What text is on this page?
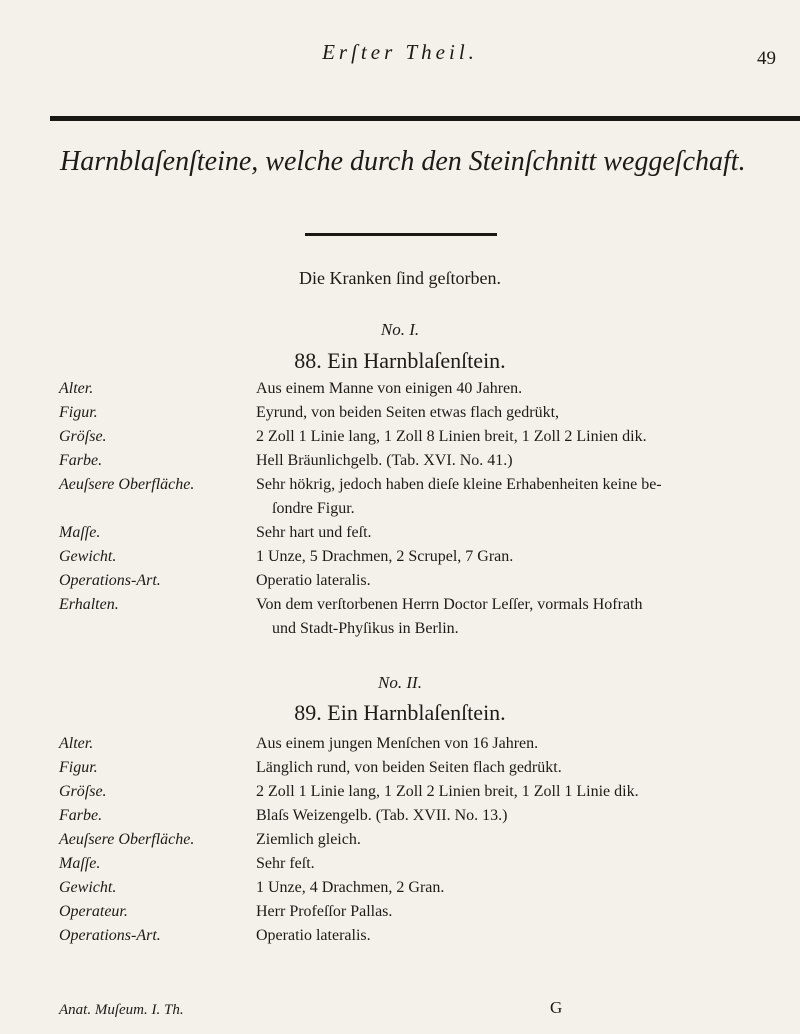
Erſter Theil.	49
Harnblaſenſteine, welche durch den Steinſchnitt weggeſchaft.
Die Kranken ſind geſtorben.
No. I.
88. Ein Harnblaſenſtein.
Alter.	Aus einem Manne von einigen 40 Jahren.
Figur.	Eyrund, von beiden Seiten etwas flach gedrükt,
Gröſse.	2 Zoll 1 Linie lang, 1 Zoll 8 Linien breit, 1 Zoll 2 Linien dik.
Farbe.	Hell Bräunlichgelb. (Tab. XVI. No. 41.)
Aeuſsere Oberfläche.	Sehr hökrig, jedoch haben dieſe kleine Erhabenheiten keine be-
ſondre Figur.
Maſſe.	Sehr hart und feſt.
Gewicht.	1 Unze, 5 Drachmen, 2 Scrupel, 7 Gran.
Operations-Art.	Operatio lateralis.
Erhalten.	Von dem verſtorbenen Herrn Doctor Leſſer, vormals Hofrath
und Stadt-Phyſikus in Berlin.
No. II.
89. Ein Harnblaſenſtein.
Alter.	Aus einem jungen Menſchen von 16 Jahren.
Figur.	Länglich rund, von beiden Seiten flach gedrükt.
Gröſse.	2 Zoll 1 Linie lang, 1 Zoll 2 Linien breit, 1 Zoll 1 Linie dik.
Farbe.	Blaſs Weizengelb. (Tab. XVII. No. 13.)
Aeuſsere Oberfläche.	Ziemlich gleich.
Maſſe.	Sehr feſt.
Gewicht.	1 Unze, 4 Drachmen, 2 Gran.
Operateur.	Herr Profeſſor Pallas.
Operations-Art.	Operatio lateralis.
Anat. Muſeum. I. Th.	G
